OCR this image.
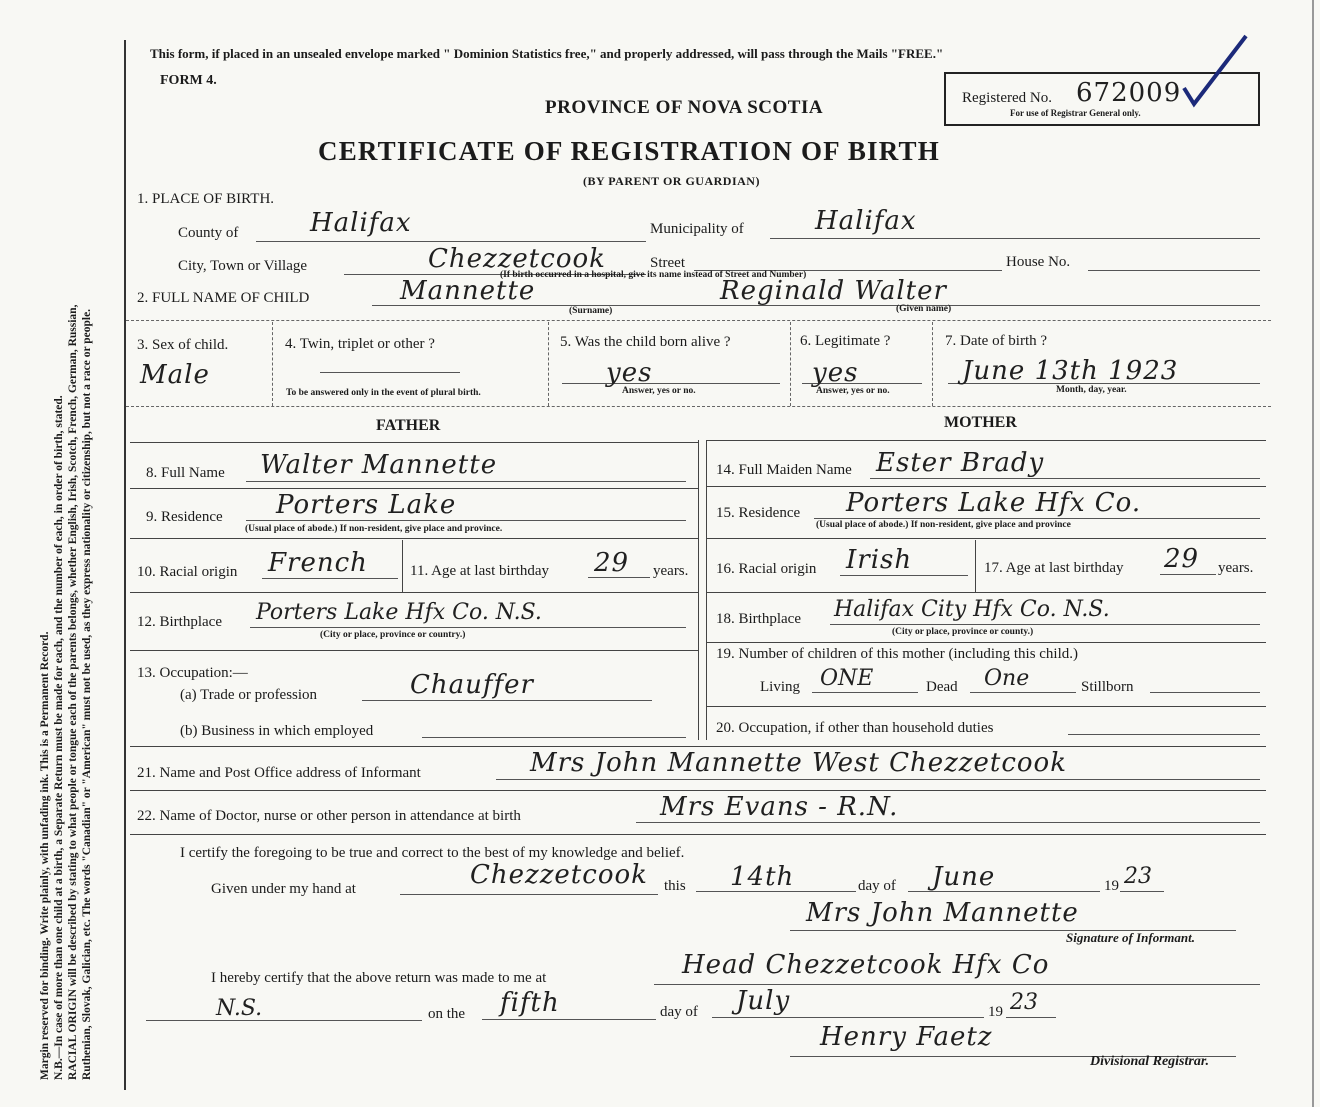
Margin reserved for binding. Write plainly, with unfading ink. This is a Permanent Record. N.B.—In case of more than one child at a birth, a Separate Return must be made for each, and the number of each, in order of birth, stated. RACIAL ORIGIN will be described by stating to what people or tongue each of the parents belongs, whether English, Irish, Scotch, French, German, Russian, Ruthenian, Slovak, Galician, etc. The words "Canadian" or "American" must not be used, as they express nationality or citizenship, but not a race or people.
This form, if placed in an unsealed envelope marked " Dominion Statistics free," and properly addressed, will pass through the Mails "FREE."
FORM 4.
PROVINCE OF NOVA SCOTIA
CERTIFICATE OF REGISTRATION OF BIRTH
(BY PARENT OR GUARDIAN)
Registered No. 672009
For use of Registrar General only.
1. PLACE OF BIRTH.
County of	Halifax	Municipality of	Halifax
City, Town or Village	Chezzetcook	Street	House No.
(If birth occurred in a hospital, give its name instead of Street and Number)
2. FULL NAME OF CHILD	Mannette	Reginald Walter
(Surname)	(Given name)
3. Sex of child.
Male
4. Twin, triplet or other ?
To be answered only in the event of plural birth.
5. Was the child born alive ?
yes
Answer, yes or no.
6. Legitimate ?
yes
Answer, yes or no.
7. Date of birth ?
June 13th 1923
Month, day, year.
FATHER	MOTHER
8. Full Name Walter Mannette	14. Full Maiden Name Ester Brady
9. Residence Porters Lake
(Usual place of abode.) If non-resident, give place and province.
15. Residence Porters Lake Hfx Co.
(Usual place of abode.) If non-resident, give place and province
10. Racial origin French	11. Age at last birthday 29 years. 16. Racial origin Irish	17. Age at last birthday 29 years.
12. Birthplace Porters Lake Hfx Co. N.S.
(City or place, province or country.)
18. Birthplace Halifax City Hfx Co. N.S.
(City or place, province or county.)
13. Occupation:—
(a) Trade or profession	Chauffer
(b) Business in which employed
19. Number of children of this mother (including this child.)
Living ONE	Dead One	Stillborn
20. Occupation, if other than household duties
21. Name and Post Office address of Informant	Mrs John Mannette West Chezzetcook
22. Name of Doctor, nurse or other person in attendance at birth	Mrs Evans - R.N.
I certify the foregoing to be true and correct to the best of my knowledge and belief.
Given under my hand at	Chezzetcook this 14th	day of June	19 23
Mrs John Mannette
Signature of Informant.
I hereby certify that the above return was made to me at	Head Chezzetcook Hfx Co
N.S.	on the fifth	day of July	19 23
Henry Faetz
Divisional Registrar.
